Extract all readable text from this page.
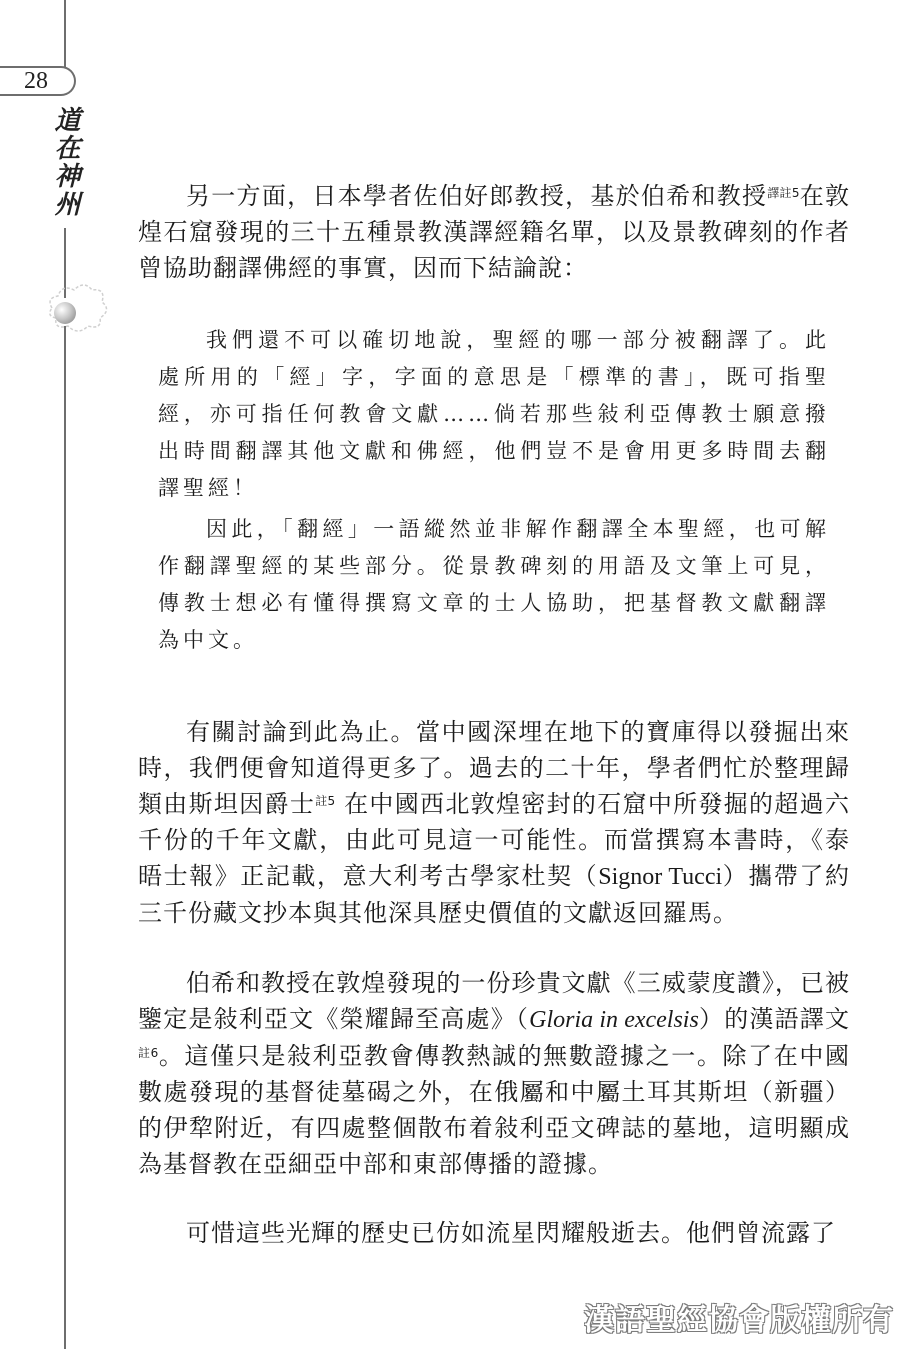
28
道在神州	另一方面，日本學者佐伯好郎教授，基於伯希和教授$^{譯註5}$在敦煌石窟發現的三十五種景教漢譯經籍名單，以及景教碑刻的作者曾協助翻譯佛經的事實，因而下結論說：

我們還不可以確切地說，聖經的哪一部分被翻譯了。此處所用的「經」字，字面的意思是「標準的書」，既可指聖經，亦可指任何教會文獻……倘若那些敍利亞傳教士願意撥出時間翻譯其他文獻和佛經，他們豈不是會用更多時間去翻譯聖經！

因此，「翻經」一語縱然並非解作翻譯全本聖經，也可解作翻譯聖經的某些部分。從景教碑刻的用語及文筆上可見，傳教士想必有懂得撰寫文章的士人協助，把基督教文獻翻譯為中文。

有關討論到此為止。當中國深埋在地下的寶庫得以發掘出來時，我們便會知道得更多了。過去的二十年，學者們忙於整理歸類由斯坦因爵士$^{註5}$ 在中國西北敦煌密封的石窟中所發掘的超過六千份的千年文獻，由此可見這一可能性。而當撰寫本書時，《泰晤士報》正記載，意大利考古學家杜契（Signor Tucci）攜帶了約三千份藏文抄本與其他深具歷史價值的文獻返回羅馬。

伯希和教授在敦煌發現的一份珍貴文獻《三威蒙度讚》，已被鑒定是敍利亞文《榮耀歸至高處》（Gloria in excelsis）的漢語譯文$^{註6}$。這僅只是敍利亞教會傳教熱誠的無數證據之一。除了在中國數處發現的基督徒墓碣之外，在俄屬和中屬土耳其斯坦（新疆）的伊犂附近，有四處整個散布着敍利亞文碑誌的墓地，這明顯成為基督教在亞細亞中部和東部傳播的證據。

可惜這些光輝的歷史已仿如流星閃耀般逝去。他們曾流露了

漢語聖經協會版權所有
